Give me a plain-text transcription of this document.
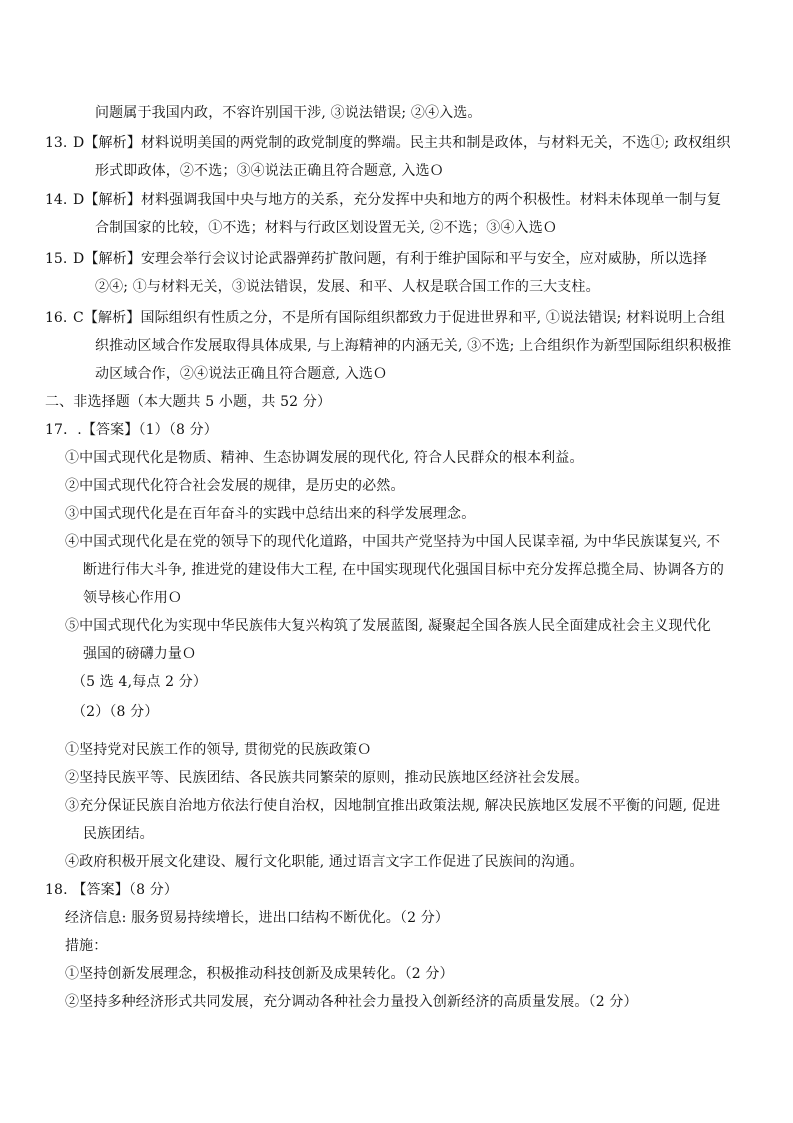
问题属于我国内政，不容许别国干涉, ③说法错误; ②④入选。
13. D【解析】材料说明美国的两党制的政党制度的弊端。民主共和制是政体，与材料无关，不选①; 政权组织
形式即政体，②不选；③④说法正确且符合题意, 入选Ｏ
14. D【解析】材料强调我国中央与地方的关系，充分发挥中央和地方的两个积极性。材料未体现单一制与复
合制国家的比较，①不选；材料与行政区划设置无关, ②不选；③④入选Ｏ
15. D【解析】安理会举行会议讨论武器弹药扩散问题，有利于维护国际和平与安全，应对威胁，所以选择
②④; ①与材料无关，③说法错误，发展、和平、人权是联合国工作的三大支柱。
16. C【解析】国际组织有性质之分，不是所有国际组织都致力于促进世界和平, ①说法错误; 材料说明上合组
织推动区域合作发展取得具体成果, 与上海精神的内涵无关, ③不选; 上合组织作为新型国际组织积极推
动区域合作，②④说法正确且符合题意, 入选Ｏ
二、非选择题（本大题共 5 小题，共 52 分）
17．.【答案】（1）（8 分）
①中国式现代化是物质、精神、生态协调发展的现代化, 符合人民群众的根本利益。
②中国式现代化符合社会发展的规律，是历史的必然。
③中国式现代化是在百年奋斗的实践中总结出来的科学发展理念。
④中国式现代化是在党的领导下的现代化道路，中国共产党坚持为中国人民谋幸福, 为中华民族谋复兴, 不
断进行伟大斗争, 推进党的建设伟大工程, 在中国实现现代化强国目标中充分发挥总揽全局、协调各方的
领导核心作用Ｏ
⑤中国式现代化为实现中华民族伟大复兴构筑了发展蓝图, 凝聚起全国各族人民全面建成社会主义现代化
强国的磅礴力量Ｏ
（5 选 4,每点 2 分）
（2）（8 分）
①坚持党对民族工作的领导, 贯彻党的民族政策Ｏ
②坚持民族平等、民族团结、各民族共同繁荣的原则，推动民族地区经济社会发展。
③充分保证民族自治地方依法行使自治权，因地制宜推出政策法规, 解决民族地区发展不平衡的问题, 促进
民族团结。
④政府积极开展文化建设、履行文化职能, 通过语言文字工作促进了民族间的沟通。
18. 【答案】（8 分）
经济信息: 服务贸易持续增长，进出口结构不断优化。（2 分）
措施：
①坚持创新发展理念，积极推动科技创新及成果转化。（2 分）
②坚持多种经济形式共同发展，充分调动各种社会力量投入创新经济的高质量发展。（2 分）
